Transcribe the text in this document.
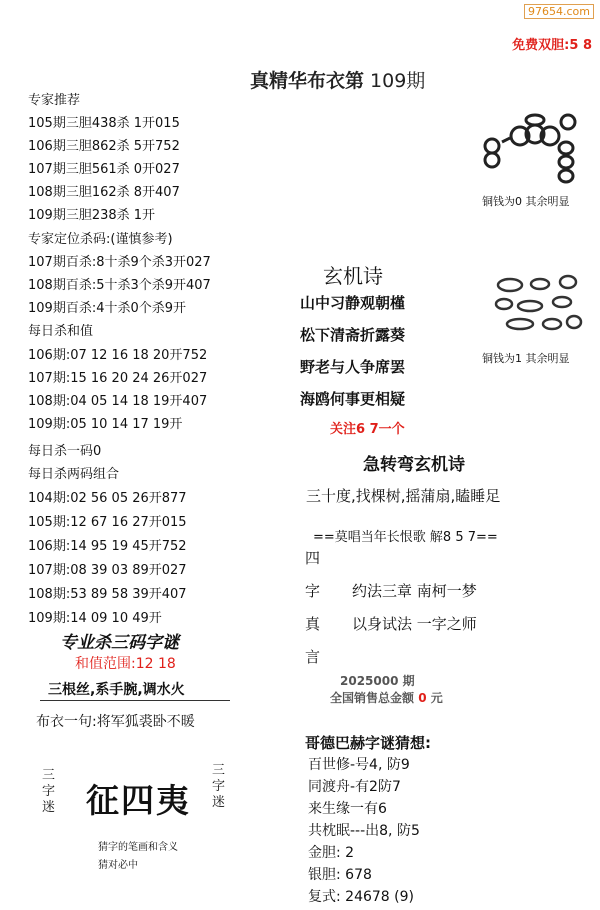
97654.com
免费双胆:5 8
真精华布衣第 109期
专家推荐
105期三胆438杀 1开015
106期三胆862杀 5开752
107期三胆561杀 0开027
108期三胆162杀 8开407
109期三胆238杀 1开
专家定位杀码:(谨慎参考)
107期百杀:8十杀9个杀3开027
108期百杀:5十杀3个杀9开407
109期百杀:4十杀0个杀9开
每日杀和值
106期:07 12 16 18 20开752
107期:15 16 20 24 26开027
108期:04 05 14 18 19开407
109期:05 10 14 17 19开
每日杀一码0
每日杀两码组合
104期:02 56 05 26开877
105期:12 67 16 27开015
106期:14 95 19 45开752
107期:08 39 03 89开027
108期:53 89 58 39开407
109期:14 09 10 49开
专业杀三码字谜
和值范围:12 18
三根丝,系手腕,调水火
布衣一句:将军狐裘卧不暖
三字迷 征四夷
三字迷
猜字的笔画和含义
猜对必中
铜钱为0 其余明显
铜钱为1 其余明显
玄机诗
山中习静观朝槿
松下清斋折露葵
野老与人争席罢
海鸥何事更相疑
关注6 7一个
急转弯玄机诗
三十度,找棵树,摇蒲扇,瞌睡足
==莫唱当年长恨歌 解8 5 7==
四
字
真
言
约法三章 南柯一梦
以身试法 一字之师
2025000 期
全国销售总金额 0 元
哥德巴赫字谜猜想:
百世修-号4, 防9
同渡舟-有2防7
来生缘一有6
共枕眠---出8, 防5
金胆: 2
银胆: 678
复式: 24678 (9)
